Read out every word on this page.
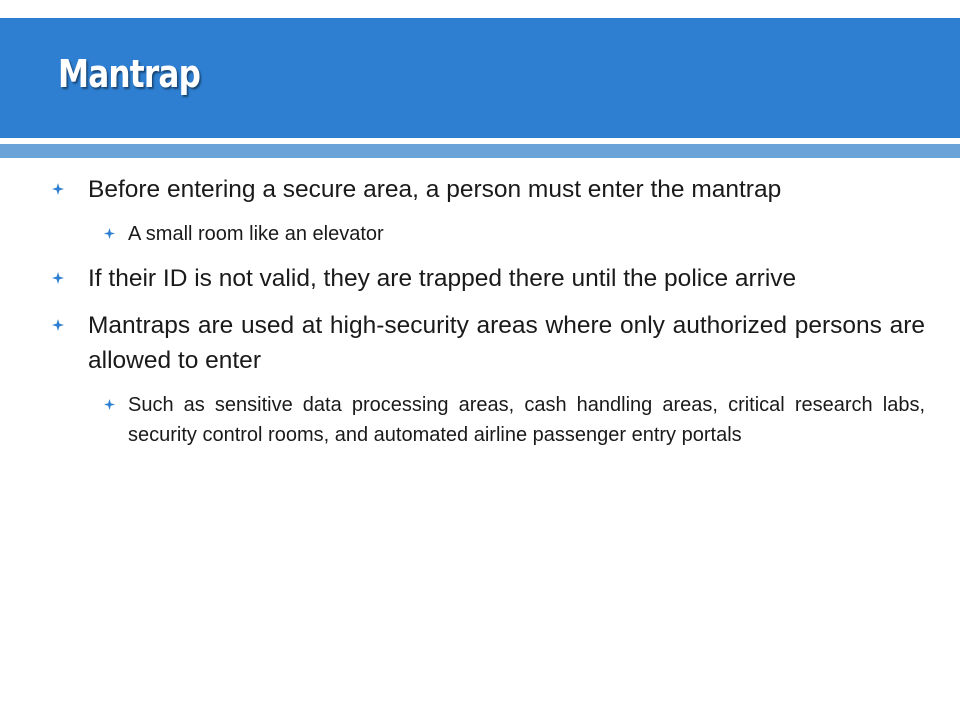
Mantrap
Before entering a secure area, a person must enter the mantrap
A small room like an elevator
If their ID is not valid, they are trapped there until the police arrive
Mantraps are used at high-security areas where only authorized persons are allowed to enter
Such as sensitive data processing areas, cash handling areas, critical research labs, security control rooms, and automated airline passenger entry portals
